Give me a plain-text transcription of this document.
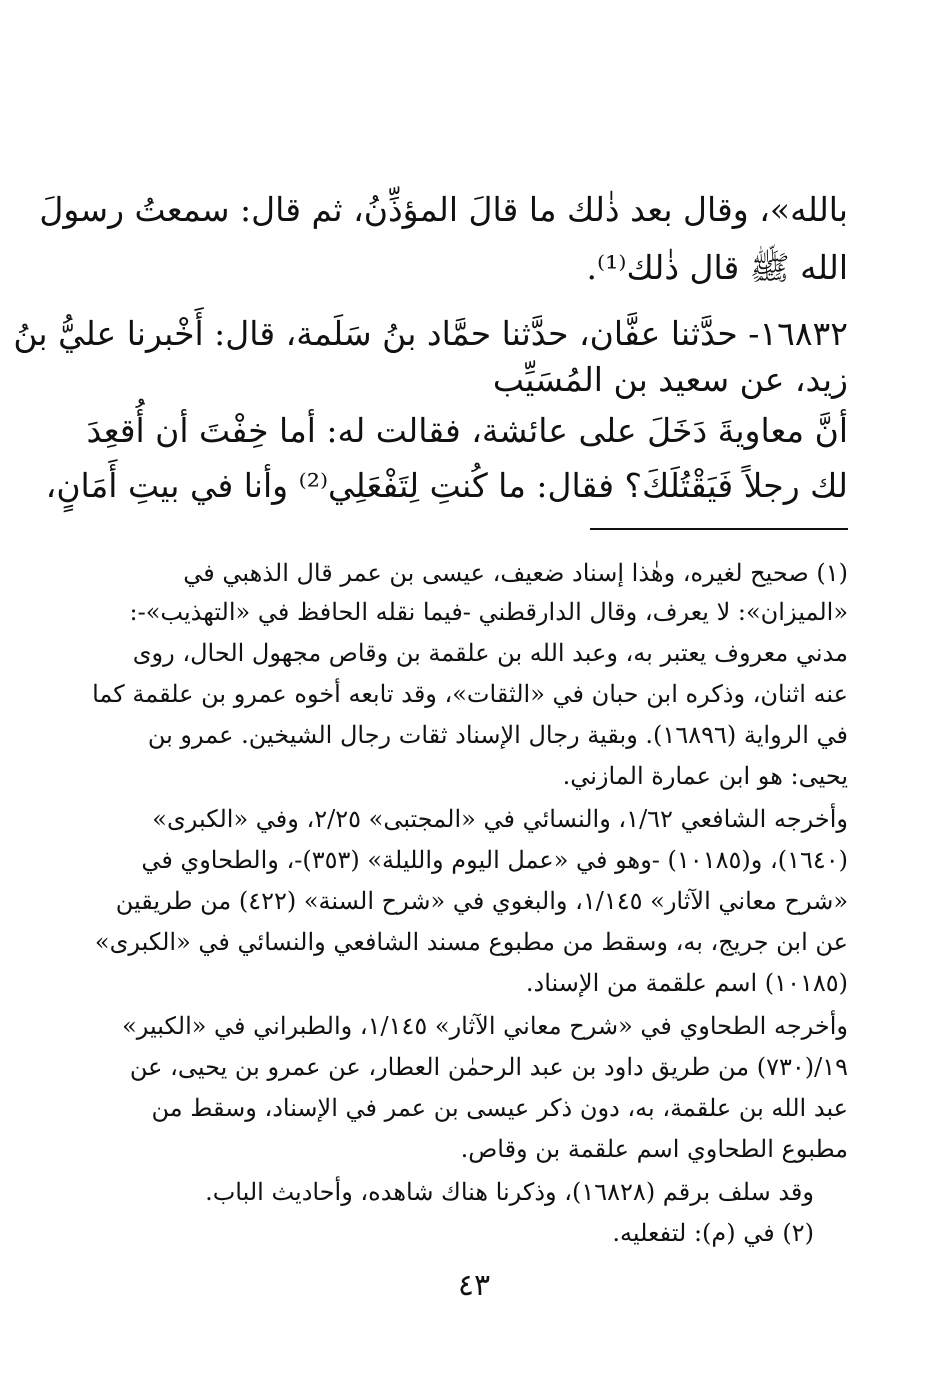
بالله»، وقال بعد ذٰلك ما قالَ المؤذِّنُ، ثم قال: سمعتُ رسولَ
الله ﷺ قال ذٰلك⁽¹⁾.
١٦٨٣٢- حدَّثنا عفَّان، حدَّثنا حمَّاد بنُ سَلَمة، قال: أَخْبرنا عليُّ بنُ
زيد، عن سعيد بن المُسَيِّب
أنَّ معاويةَ دَخَلَ على عائشة، فقالت له: أما خِفْتَ أن أُقعِدَ
لك رجلاً فَيَقْتُلَكَ؟ فقال: ما كُنتِ لِتَفْعَلِي⁽²⁾ وأنا في بيتِ أَمَانٍ،
(١) صحيح لغيره، وهٰذا إسناد ضعيف، عيسى بن عمر قال الذهبي في
«الميزان»: لا يعرف، وقال الدارقطني -فيما نقله الحافظ في «التهذيب»-:
مدني معروف يعتبر به، وعبد الله بن علقمة بن وقاص مجهول الحال، روى
عنه اثنان، وذكره ابن حبان في «الثقات»، وقد تابعه أخوه عمرو بن علقمة كما
في الرواية (١٦٨٩٦). وبقية رجال الإسناد ثقات رجال الشيخين. عمرو بن
يحيى: هو ابن عمارة المازني.
وأخرجه الشافعي ١/٦٢، والنسائي في «المجتبى» ٢/٢٥، وفي «الكبرى»
(١٦٤٠)، و(١٠١٨٥) -وهو في «عمل اليوم والليلة» (٣٥٣)-، والطحاوي في
«شرح معاني الآثار» ١/١٤٥، والبغوي في «شرح السنة» (٤٢٢) من طريقين
عن ابن جريج، به، وسقط من مطبوع مسند الشافعي والنسائي في «الكبرى»
(١٠١٨٥) اسم علقمة من الإسناد.
وأخرجه الطحاوي في «شرح معاني الآثار» ١/١٤٥، والطبراني في «الكبير»
١٩/(٧٣٠) من طريق داود بن عبد الرحمٰن العطار، عن عمرو بن يحيى، عن
عبد الله بن علقمة، به، دون ذكر عيسى بن عمر في الإسناد، وسقط من
مطبوع الطحاوي اسم علقمة بن وقاص.
وقد سلف برقم (١٦٨٢٨)، وذكرنا هناك شاهده، وأحاديث الباب.
(٢) في (م): لتفعليه.
٤٣
